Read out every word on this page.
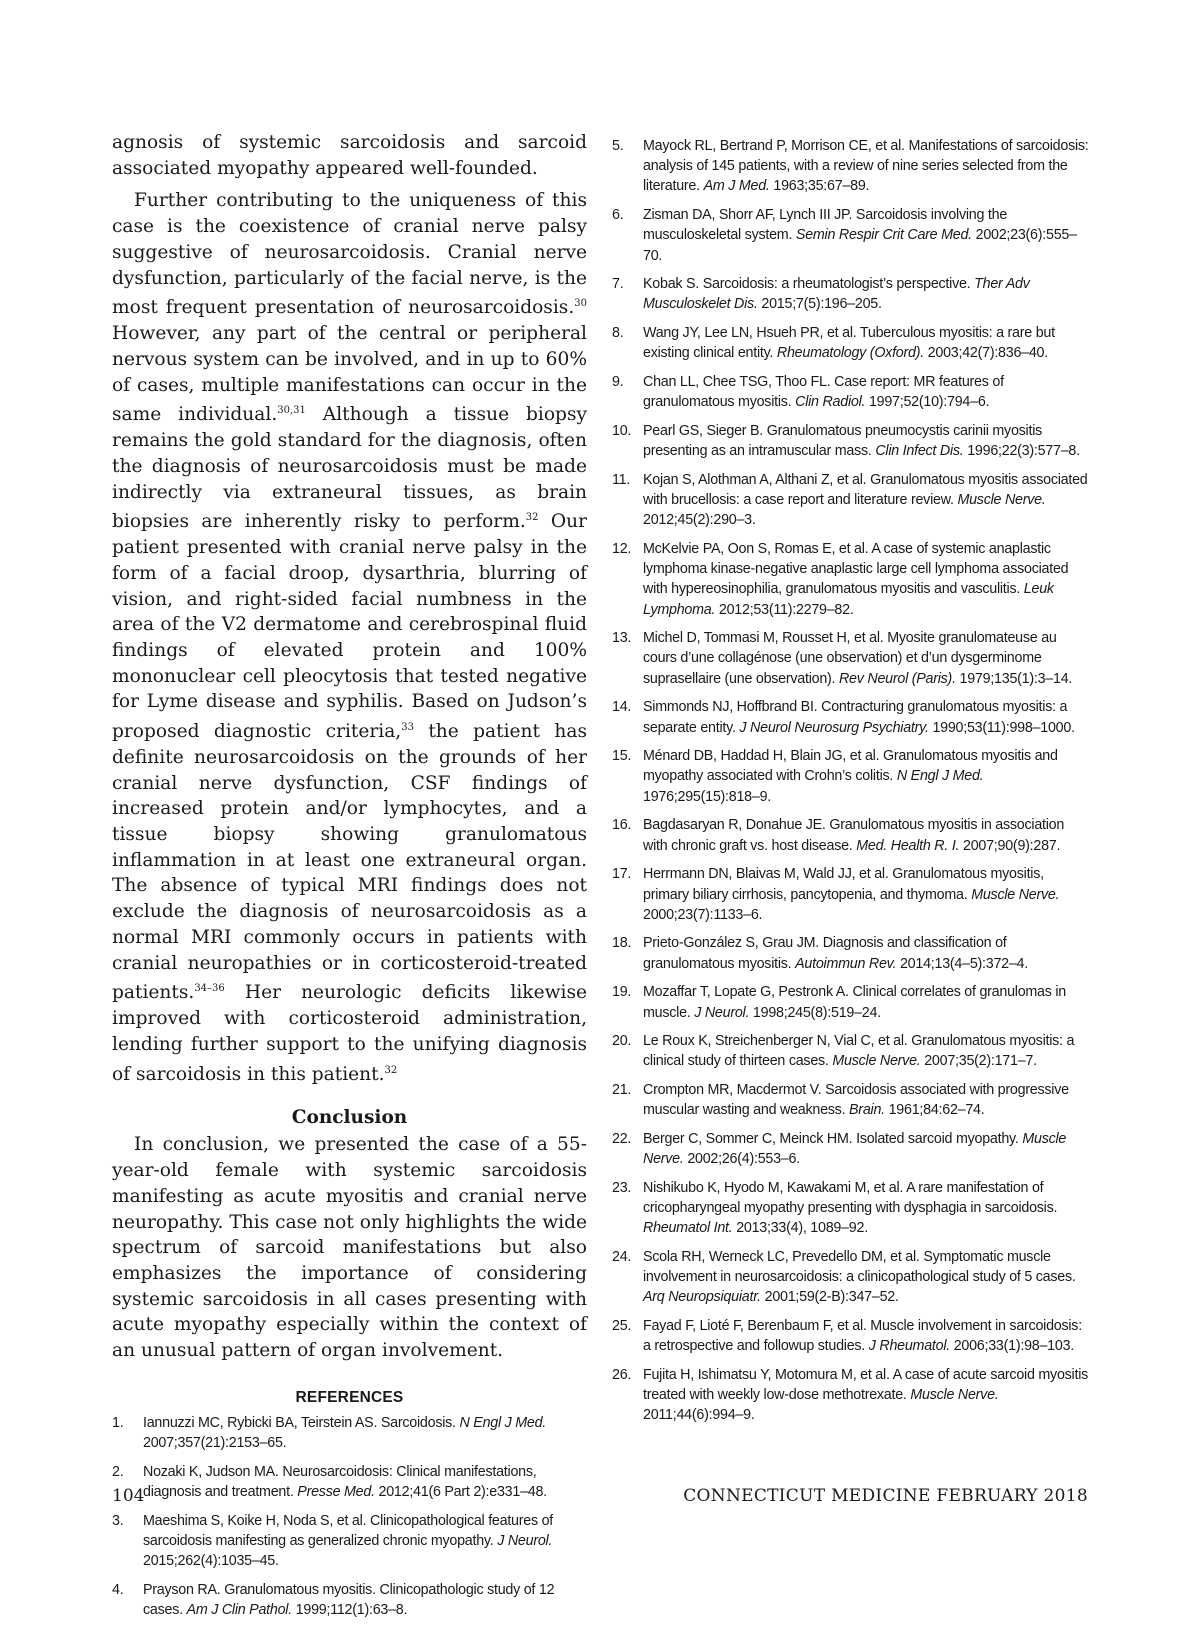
agnosis of systemic sarcoidosis and sarcoid associated myopathy appeared well-founded.

Further contributing to the uniqueness of this case is the coexistence of cranial nerve palsy suggestive of neurosarcoidosis. Cranial nerve dysfunction, particularly of the facial nerve, is the most frequent presentation of neurosarcoidosis.$^{30}$ However, any part of the central or peripheral nervous system can be involved, and in up to 60% of cases, multiple manifestations can occur in the same individual.$^{30,31}$ Although a tissue biopsy remains the gold standard for the diagnosis, often the diagnosis of neurosarcoidosis must be made indirectly via extraneural tissues, as brain biopsies are inherently risky to perform.$^{32}$ Our patient presented with cranial nerve palsy in the form of a facial droop, dysarthria, blurring of vision, and right-sided facial numbness in the area of the V2 dermatome and cerebrospinal fluid findings of elevated protein and 100% mononuclear cell pleocytosis that tested negative for Lyme disease and syphilis. Based on Judson’s proposed diagnostic criteria,$^{33}$ the patient has definite neurosarcoidosis on the grounds of her cranial nerve dysfunction, CSF findings of increased protein and/or lymphocytes, and a tissue biopsy showing granulomatous inflammation in at least one extraneural organ. The absence of typical MRI findings does not exclude the diagnosis of neurosarcoidosis as a normal MRI commonly occurs in patients with cranial neuropathies or in corticosteroid-treated patients.$^{34-36}$ Her neurologic deficits likewise improved with corticosteroid administration, lending further support to the unifying diagnosis of sarcoidosis in this patient.$^{32}$

Conclusion

In conclusion, we presented the case of a 55-year-old female with systemic sarcoidosis manifesting as acute myositis and cranial nerve neuropathy. This case not only highlights the wide spectrum of sarcoid manifestations but also emphasizes the importance of considering systemic sarcoidosis in all cases presenting with acute myopathy especially within the context of an unusual pattern of organ involvement.

REFERENCES
1. Iannuzzi MC, Rybicki BA, Teirstein AS. Sarcoidosis. N Engl J Med. 2007;357(21):2153–65.
2. Nozaki K, Judson MA. Neurosarcoidosis: Clinical manifestations, diagnosis and treatment. Presse Med. 2012;41(6 Part 2):e331–48.
3. Maeshima S, Koike H, Noda S, et al. Clinicopathological features of sarcoidosis manifesting as generalized chronic myopathy. J Neurol. 2015;262(4):1035–45.
4. Prayson RA. Granulomatous myositis. Clinicopathologic study of 12 cases. Am J Clin Pathol. 1999;112(1):63–8.
5. Mayock RL, Bertrand P, Morrison CE, et al. Manifestations of sarcoidosis: analysis of 145 patients, with a review of nine series selected from the literature. Am J Med. 1963;35:67–89.
6. Zisman DA, Shorr AF, Lynch III JP. Sarcoidosis involving the musculoskeletal system. Semin Respir Crit Care Med. 2002;23(6):555–70.
7. Kobak S. Sarcoidosis: a rheumatologist’s perspective. Ther Adv Musculoskelet Dis. 2015;7(5):196–205.
8. Wang JY, Lee LN, Hsueh PR, et al. Tuberculous myositis: a rare but existing clinical entity. Rheumatology (Oxford). 2003;42(7):836–40.
9. Chan LL, Chee TSG, Thoo FL. Case report: MR features of granulomatous myositis. Clin Radiol. 1997;52(10):794–6.
10. Pearl GS, Sieger B. Granulomatous pneumocystis carinii myositis presenting as an intramuscular mass. Clin Infect Dis. 1996;22(3):577–8.
11. Kojan S, Alothman A, Althani Z, et al. Granulomatous myositis associated with brucellosis: a case report and literature review. Muscle Nerve. 2012;45(2):290–3.
12. McKelvie PA, Oon S, Romas E, et al. A case of systemic anaplastic lymphoma kinase-negative anaplastic large cell lymphoma associated with hypereosinophilia, granulomatous myositis and vasculitis. Leuk Lymphoma. 2012;53(11):2279–82.
13. Michel D, Tommasi M, Rousset H, et al. Myosite granulomateuse au cours d’une collagénose (une observation) et d’un dysgerminome suprasellaire (une observation). Rev Neurol (Paris). 1979;135(1):3–14.
14. Simmonds NJ, Hoffbrand BI. Contracturing granulomatous myositis: a separate entity. J Neurol Neurosurg Psychiatry. 1990;53(11):998–1000.
15. Ménard DB, Haddad H, Blain JG, et al. Granulomatous myositis and myopathy associated with Crohn’s colitis. N Engl J Med. 1976;295(15):818–9.
16. Bagdasaryan R, Donahue JE. Granulomatous myositis in association with chronic graft vs. host disease. Med. Health R. I. 2007;90(9):287.
17. Herrmann DN, Blaivas M, Wald JJ, et al. Granulomatous myositis, primary biliary cirrhosis, pancytopenia, and thymoma. Muscle Nerve. 2000;23(7):1133–6.
18. Prieto-González S, Grau JM. Diagnosis and classification of granulomatous myositis. Autoimmun Rev. 2014;13(4–5):372–4.
19. Mozaffar T, Lopate G, Pestronk A. Clinical correlates of granulomas in muscle. J Neurol. 1998;245(8):519–24.
20. Le Roux K, Streichenberger N, Vial C, et al. Granulomatous myositis: a clinical study of thirteen cases. Muscle Nerve. 2007;35(2):171–7.
21. Crompton MR, Macdermot V. Sarcoidosis associated with progressive muscular wasting and weakness. Brain. 1961;84:62–74.
22. Berger C, Sommer C, Meinck HM. Isolated sarcoid myopathy. Muscle Nerve. 2002;26(4):553–6.
23. Nishikubo K, Hyodo M, Kawakami M, et al. A rare manifestation of cricopharyngeal myopathy presenting with dysphagia in sarcoidosis. Rheumatol Int. 2013;33(4), 1089–92.
24. Scola RH, Werneck LC, Prevedello DM, et al. Symptomatic muscle involvement in neurosarcoidosis: a clinicopathological study of 5 cases. Arq Neuropsiquiatr. 2001;59(2-B):347–52.
25. Fayad F, Lioté F, Berenbaum F, et al. Muscle involvement in sarcoidosis: a retrospective and followup studies. J Rheumatol. 2006;33(1):98–103.
26. Fujita H, Ishimatsu Y, Motomura M, et al. A case of acute sarcoid myositis treated with weekly low-dose methotrexate. Muscle Nerve. 2011;44(6):994–9.
104	CONNECTICUT MEDICINE FEBRUARY 2018
